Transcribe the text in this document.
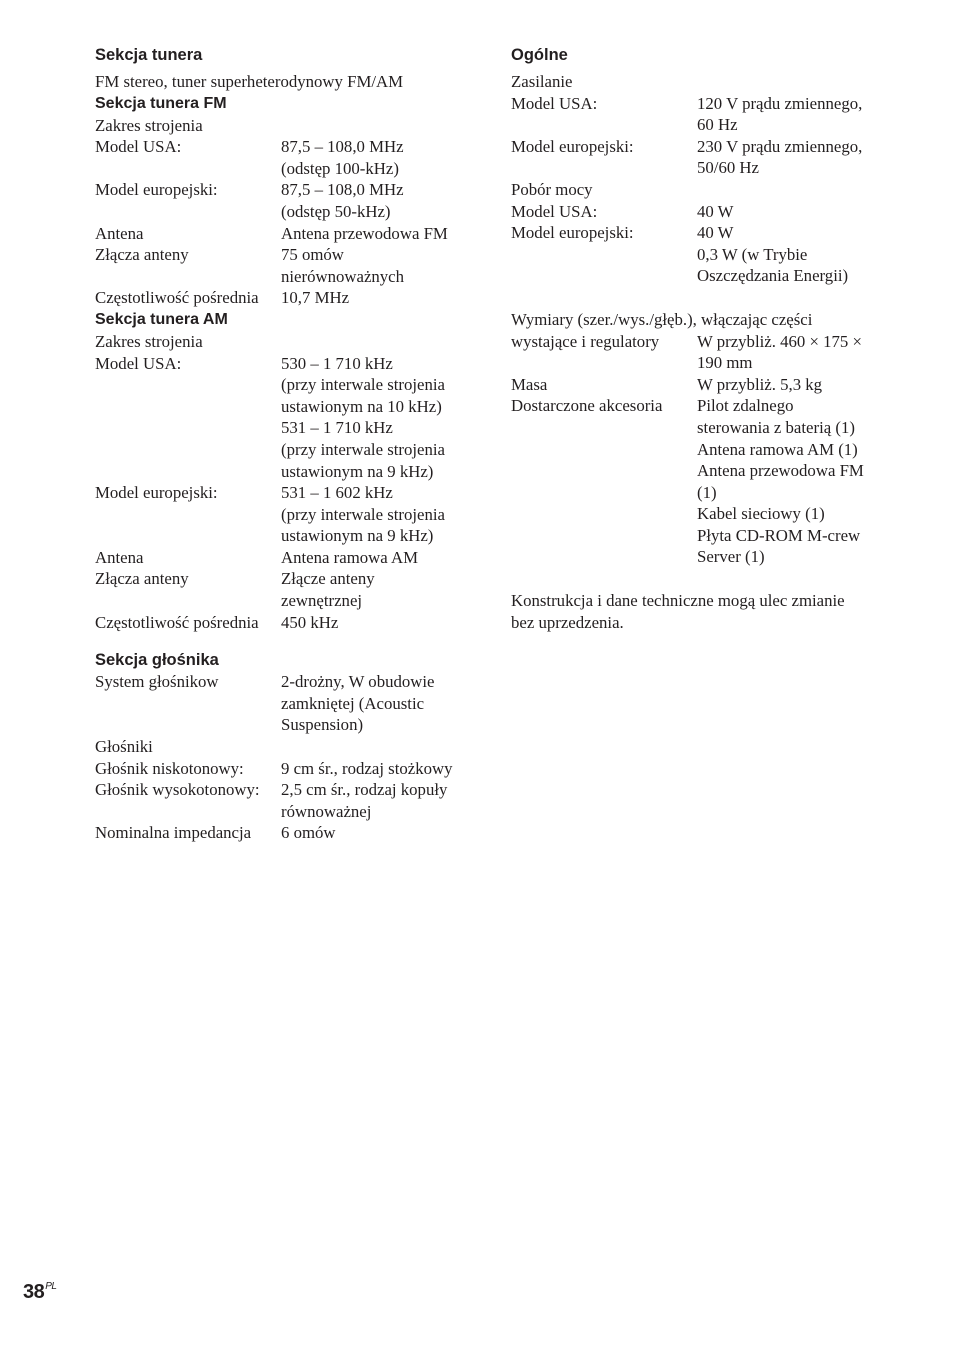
Sekcja tunera

FM stereo, tuner superheterodynowy FM/AM

Sekcja tunera FM

Zakres strojenia

Model USA:	87,5 – 108,0 MHz
(odstęp 100-kHz)
Model europejski:	87,5 – 108,0 MHz
(odstęp 50-kHz)
Antena	Antena przewodowa FM
Złącza anteny	75 omów
nierównoważnych
Częstotliwość pośrednia	10,7 MHz
Sekcja tunera AM

Zakres strojenia

Model USA:	530 – 1 710 kHz
(przy interwale strojenia
ustawionym na 10 kHz)
531 – 1 710 kHz
(przy interwale strojenia
ustawionym na 9 kHz)
Model europejski:	531 – 1 602 kHz
(przy interwale strojenia
ustawionym na 9 kHz)
Antena	Antena ramowa AM
Złącza anteny	Złącze anteny
zewnętrznej
Częstotliwość pośrednia	450 kHz
Sekcja głośnika
System głośnikow	2-drożny, W obudowie
zamkniętej (Acoustic
Suspension)

Głośniki

Głośnik niskotonowy:	9 cm śr., rodzaj stożkowy
Głośnik wysokotonowy:	2,5 cm śr., rodzaj kopuły
równoważnej
Nominalna impedancja	6 omów
Ogólne

Zasilanie

Model USA:	120 V prądu zmiennego,
60 Hz
Model europejski:	230 V prądu zmiennego,
50/60 Hz

Pobór mocy

Model USA:	40 W
Model europejski:	40 W
0,3 W (w Trybie
Oszczędzania Energii)

Wymiary (szer./wys./głęb.), włączając części

wystające i regulatory	W przybliż. 460 × 175 ×
190 mm
Masa	W przybliż. 5,3 kg
Dostarczone akcesoria	Pilot zdalnego
sterowania z baterią (1)
Antena ramowa AM (1)
Antena przewodowa FM
(1)
Kabel sieciowy (1)
Płyta CD-ROM M-crew
Server (1)

Konstrukcja i dane techniczne mogą ulec zmianie
bez uprzedzenia.

$38^{PL}$
